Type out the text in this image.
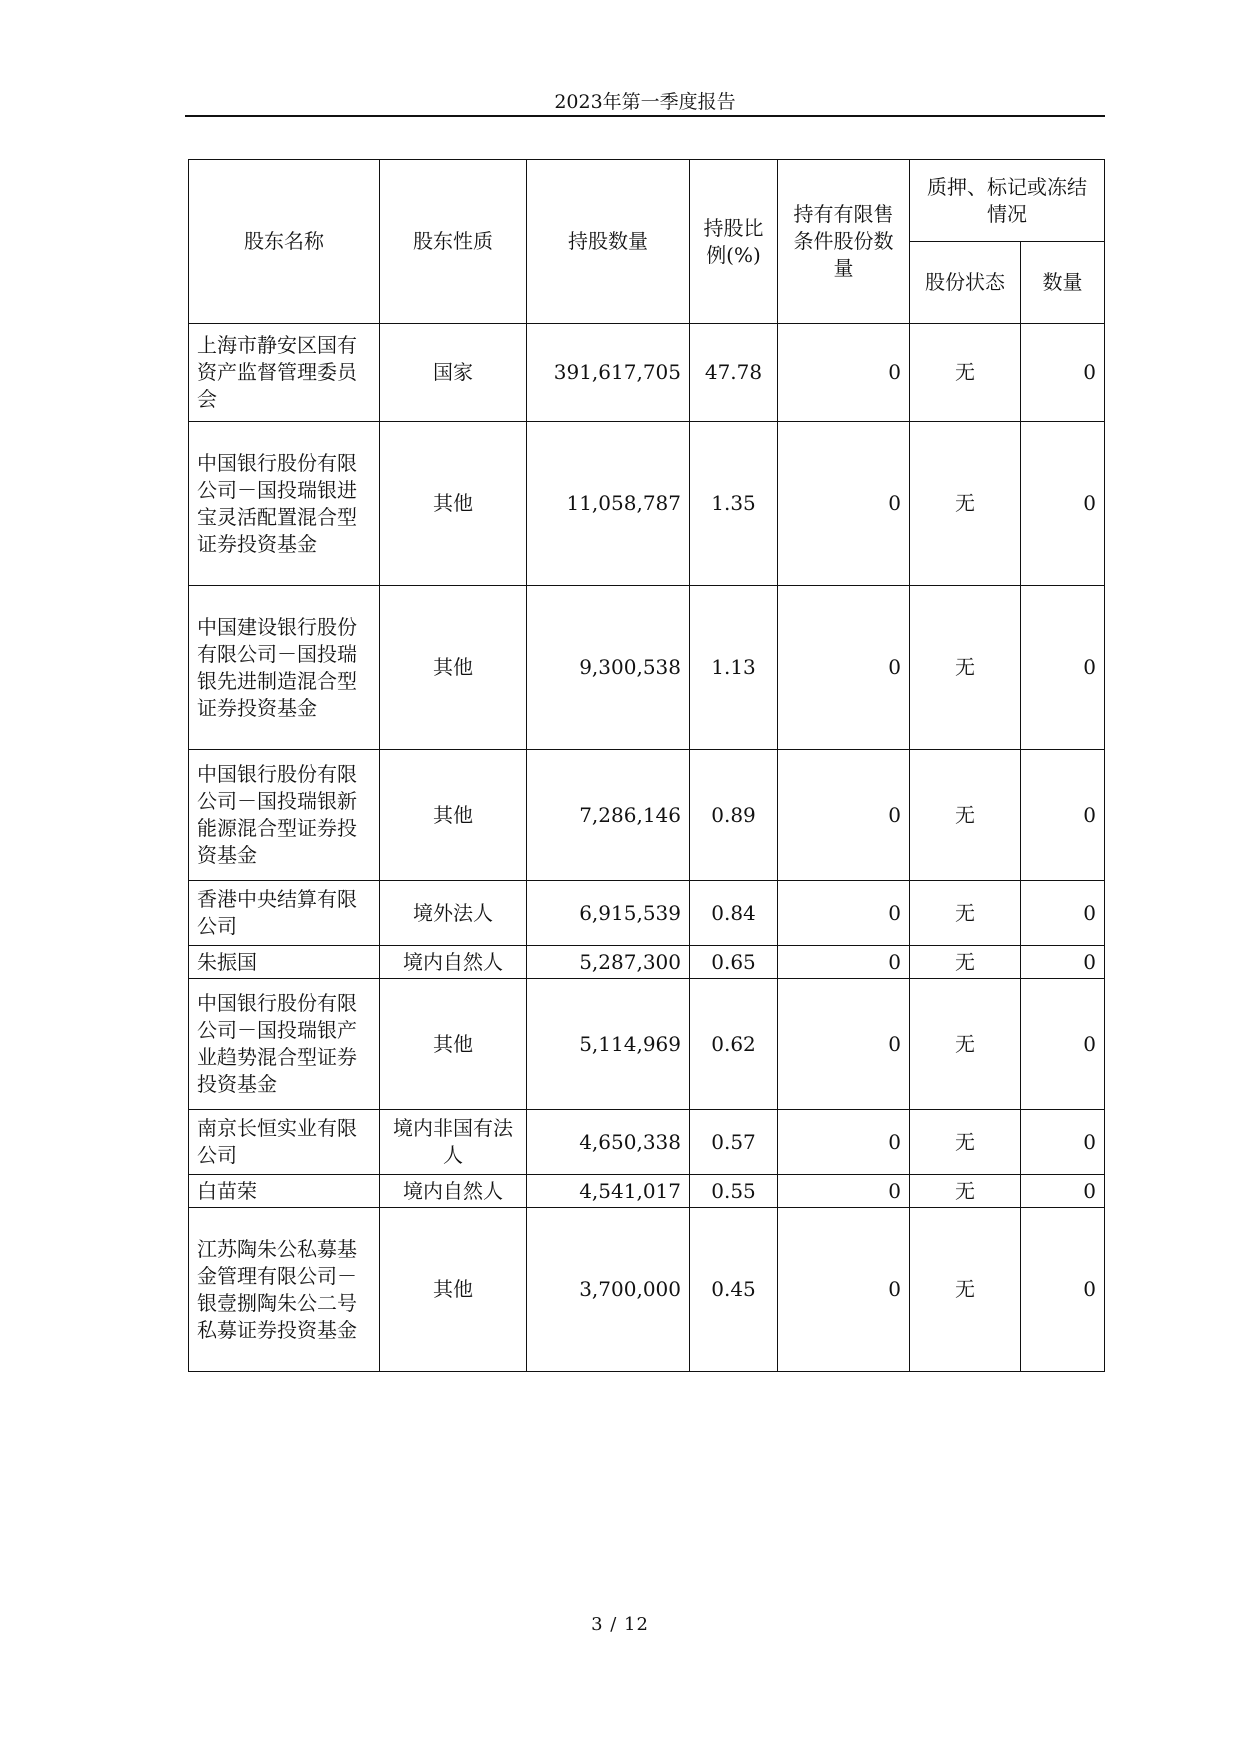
2023年第一季度报告
股东名称	股东性质	持股数量	持股比例(%)	持有有限售条件股份数量	质押、标记或冻结情况	
					股份状态	数量
上海市静安区国有资产监督管理委员会	国家	391,617,705	47.78	0	无	0
中国银行股份有限公司－国投瑞银进宝灵活配置混合型证券投资基金	其他	11,058,787	1.35	0	无	0
中国建设银行股份有限公司－国投瑞银先进制造混合型证券投资基金	其他	9,300,538	1.13	0	无	0
中国银行股份有限公司－国投瑞银新能源混合型证券投资基金	其他	7,286,146	0.89	0	无	0
香港中央结算有限公司	境外法人	6,915,539	0.84	0	无	0
朱振国	境内自然人	5,287,300	0.65	0	无	0
中国银行股份有限公司－国投瑞银产业趋势混合型证券投资基金	其他	5,114,969	0.62	0	无	0
南京长恒实业有限公司	境内非国有法人	4,650,338	0.57	0	无	0
白苗荣	境内自然人	4,541,017	0.55	0	无	0
江苏陶朱公私募基金管理有限公司－银壹捌陶朱公二号私募证券投资基金	其他	3,700,000	0.45	0	无	0
3 / 12
